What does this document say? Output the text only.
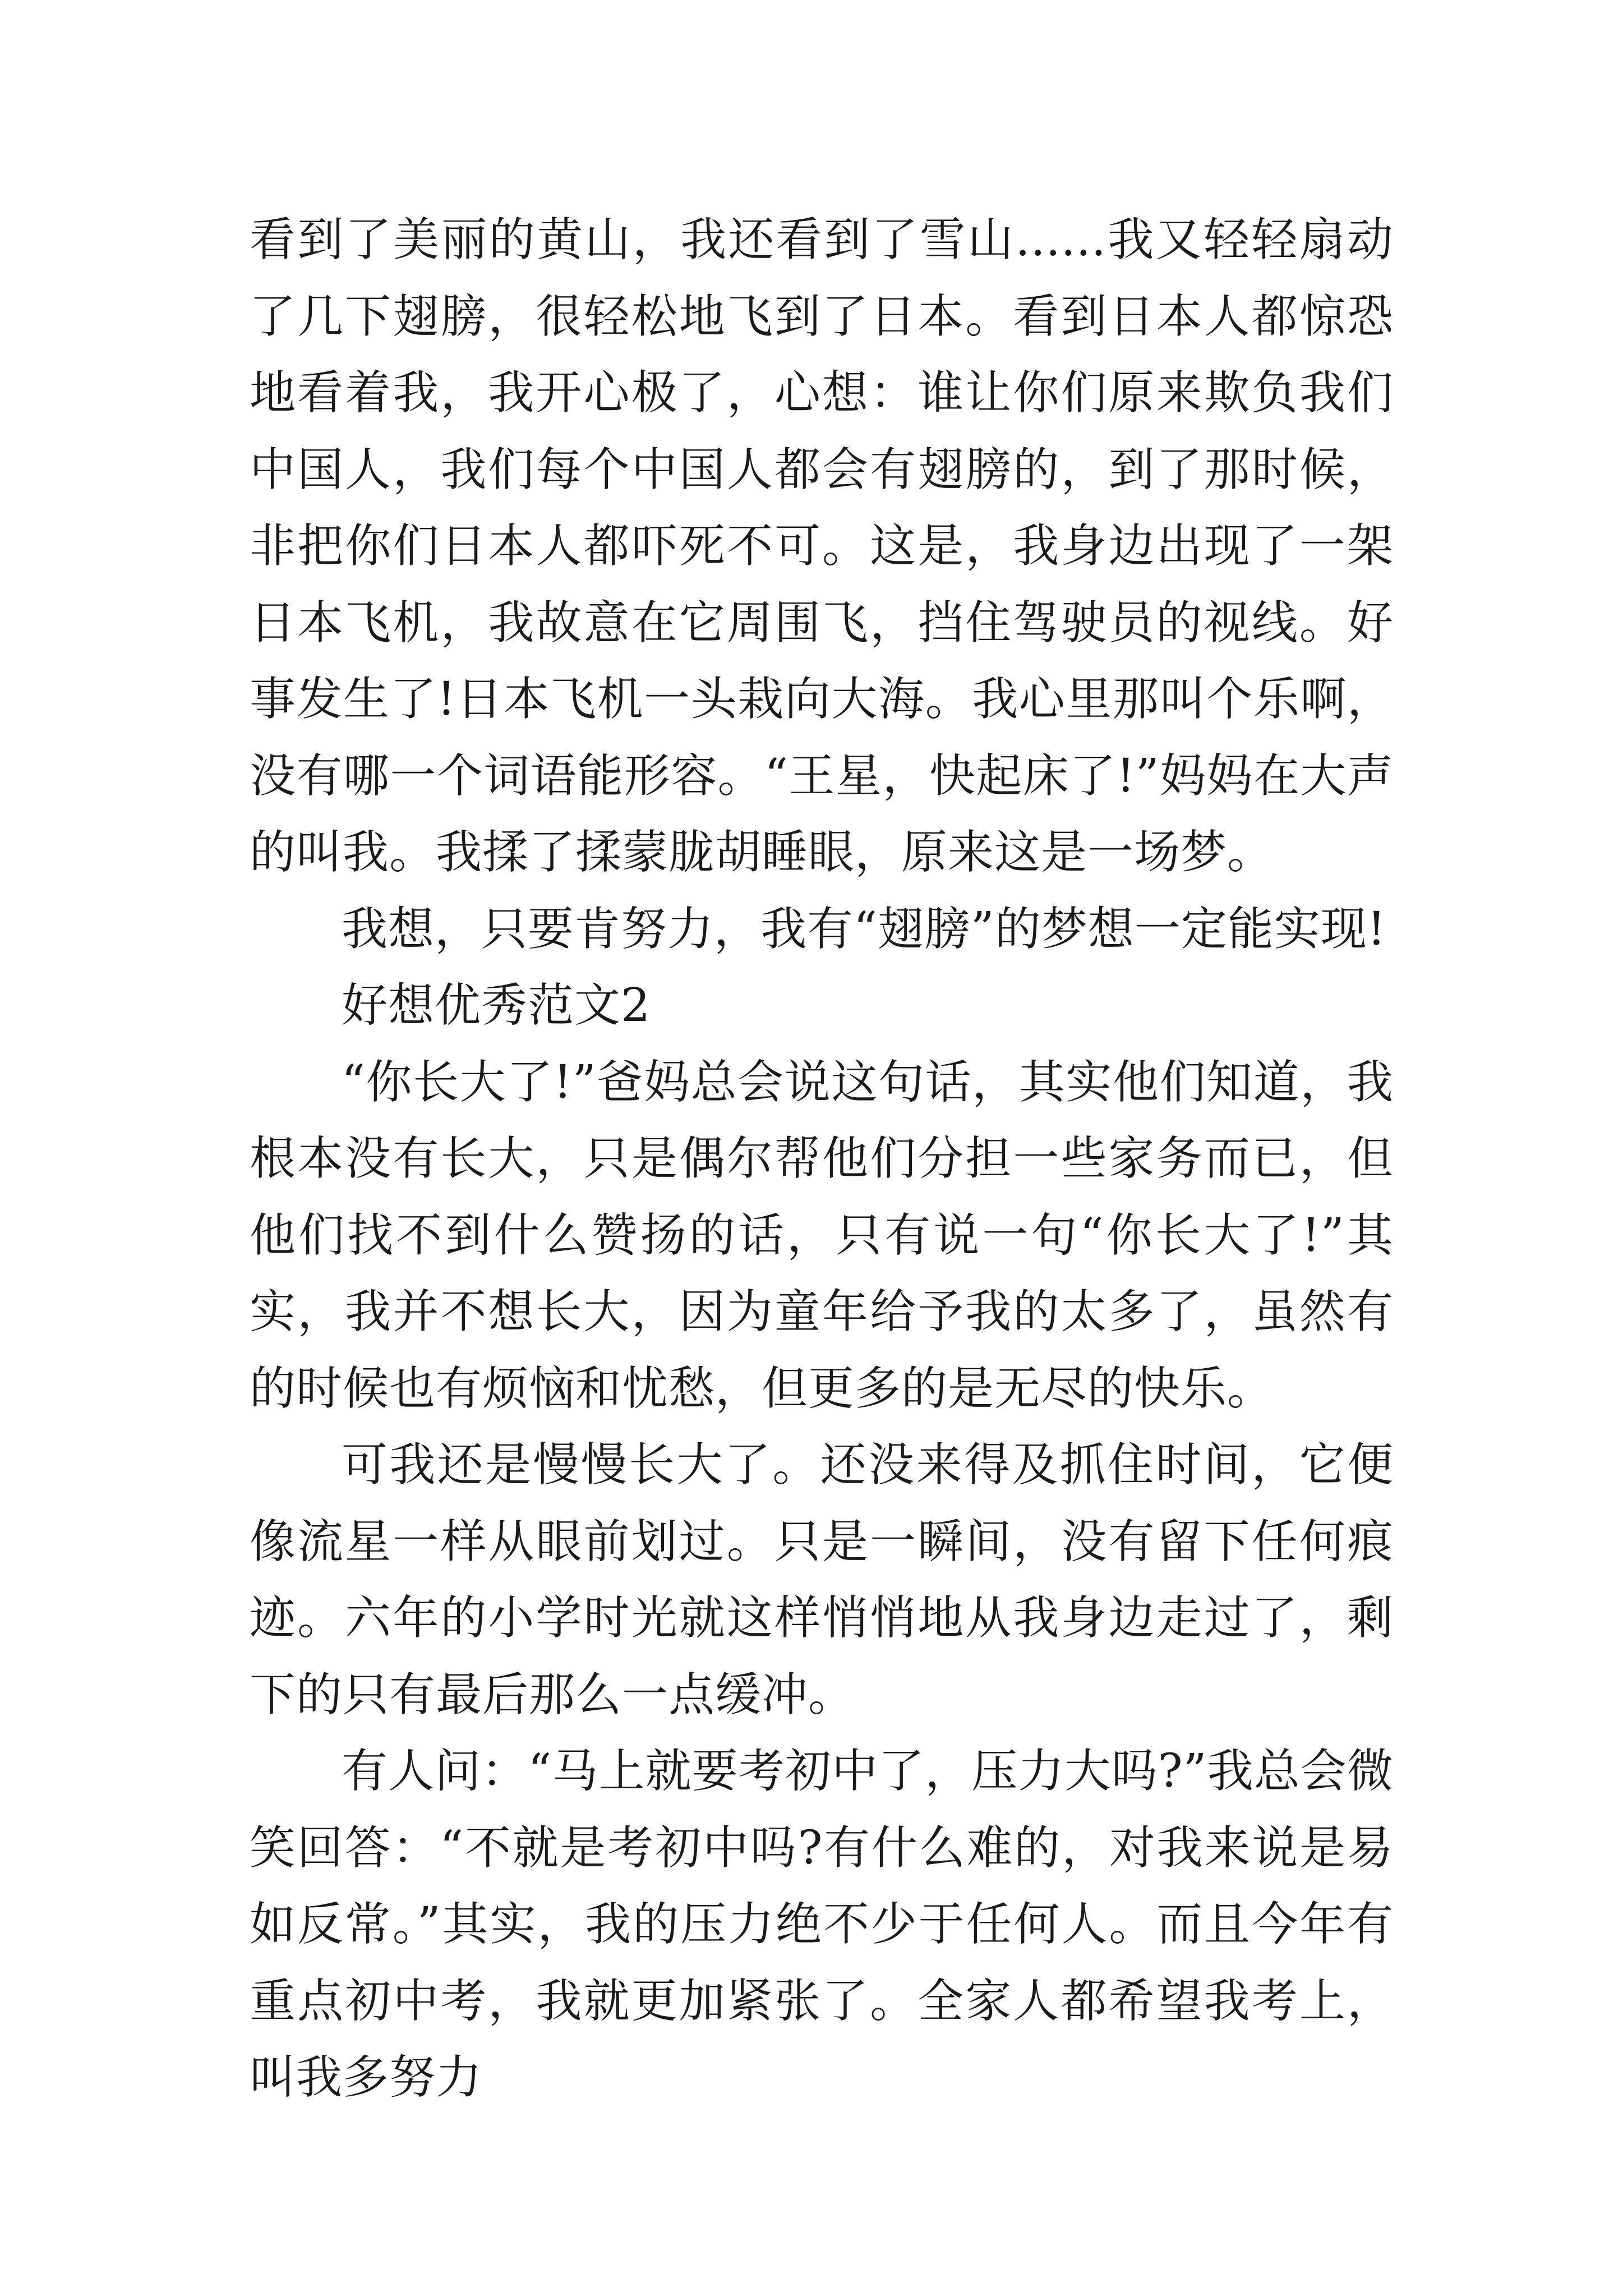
看到了美丽的黄山，我还看到了雪山......我又轻轻扇动了几下翅膀，很轻松地飞到了日本。看到日本人都惊恐地看着我，我开心极了，心想：谁让你们原来欺负我们中国人，我们每个中国人都会有翅膀的，到了那时候，非把你们日本人都吓死不可。这是，我身边出现了一架日本飞机，我故意在它周围飞，挡住驾驶员的视线。好事发生了!日本飞机一头栽向大海。我心里那叫个乐啊，没有哪一个词语能形容。“王星，快起床了!”妈妈在大声的叫我。我揉了揉蒙胧胡睡眼，原来这是一场梦。

我想，只要肯努力，我有“翅膀”的梦想一定能实现!

好想优秀范文2

“你长大了!”爸妈总会说这句话，其实他们知道，我根本没有长大，只是偶尔帮他们分担一些家务而已，但他们找不到什么赞扬的话，只有说一句“你长大了!”其实，我并不想长大，因为童年给予我的太多了，虽然有的时候也有烦恼和忧愁，但更多的是无尽的快乐。

可我还是慢慢长大了。还没来得及抓住时间，它便像流星一样从眼前划过。只是一瞬间，没有留下任何痕迹。六年的小学时光就这样悄悄地从我身边走过了，剩下的只有最后那么一点缓冲。

有人问：“马上就要考初中了，压力大吗?”我总会微笑回答：“不就是考初中吗?有什么难的，对我来说是易如反常。”其实，我的压力绝不少于任何人。而且今年有重点初中考，我就更加紧张了。全家人都希望我考上，叫我多努力
